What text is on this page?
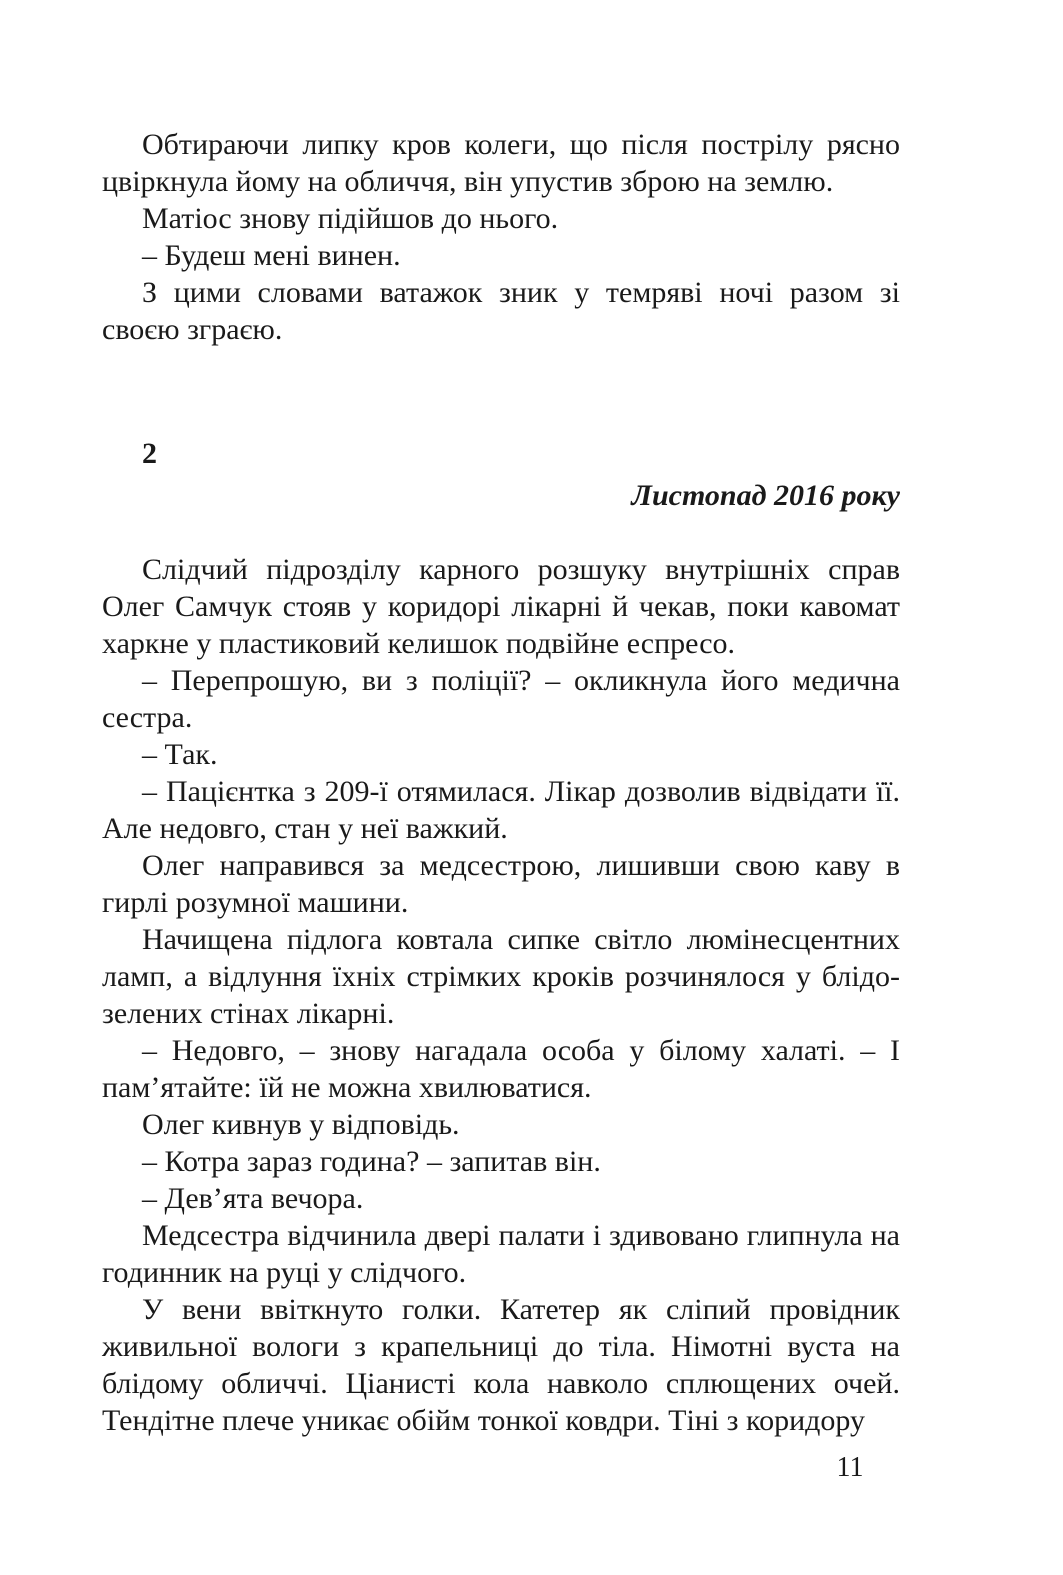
Обтираючи липку кров колеги, що після пострілу рясно цвіркнула йому на обличчя, він упустив зброю на землю.

Матіос знову підійшов до нього.

– Будеш мені винен.

З цими словами ватажок зник у темряві ночі разом зі своєю зграєю.

2

Листопад 2016 року

Слідчий підрозділу карного розшуку внутрішніх справ Олег Самчук стояв у коридорі лікарні й чекав, поки кавомат харкне у пластиковий келишок подвійне еспресо.

– Перепрошую, ви з поліції? – окликнула його медична сестра.

– Так.

– Пацієнтка з 209-ї отямилася. Лікар дозволив відвідати її. Але недовго, стан у неї важкий.

Олег направився за медсестрою, лишивши свою каву в гирлі розумної машини.

Начищена підлога ковтала сипке світло люмінесцентних ламп, а відлуння їхніх стрімких кроків розчинялося у блідо-зелених стінах лікарні.

– Недовго, – знову нагадала особа у білому халаті. – І пам’ятайте: їй не можна хвилюватися.

Олег кивнув у відповідь.

– Котра зараз година? – запитав він.

– Дев’ята вечора.

Медсестра відчинила двері палати і здивовано глипнула на годинник на руці у слідчого.

У вени ввіткнуто голки. Катетер як сліпий провідник живильної вологи з крапельниці до тіла. Німотні вуста на блідому обличчі. Ціанисті кола навколо сплющених очей. Тендітне плече уникає обійм тонкої ковдри. Тіні з коридору

11
